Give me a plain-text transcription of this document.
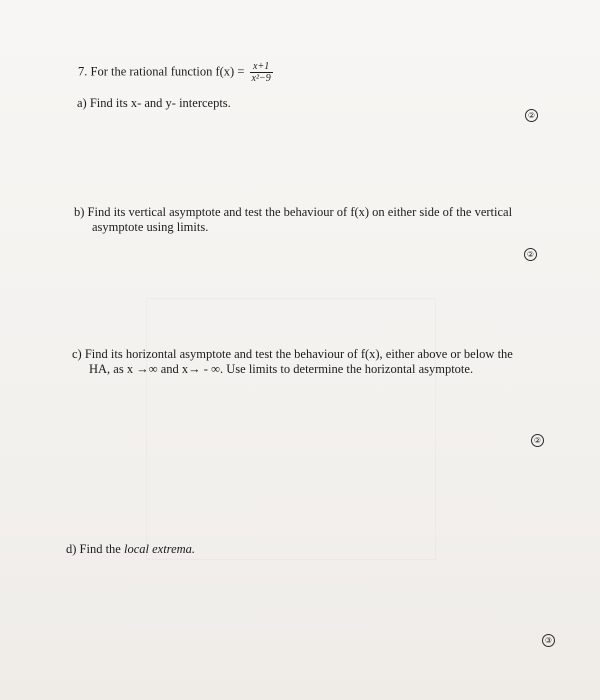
7. For the rational function $f(x) = \frac{x+1}{\text{x²−9}}$
a) Find its x- and y- intercepts.
②
b) Find its vertical asymptote and test the behaviour of f(x) on either side of the vertical
asymptote using limits.
②
c) Find its horizontal asymptote and test the behaviour of f(x), either above or below the
HA, as x →∞ and x→ - ∞. Use limits to determine the horizontal asymptote.
②
d) Find the local extrema.
③
